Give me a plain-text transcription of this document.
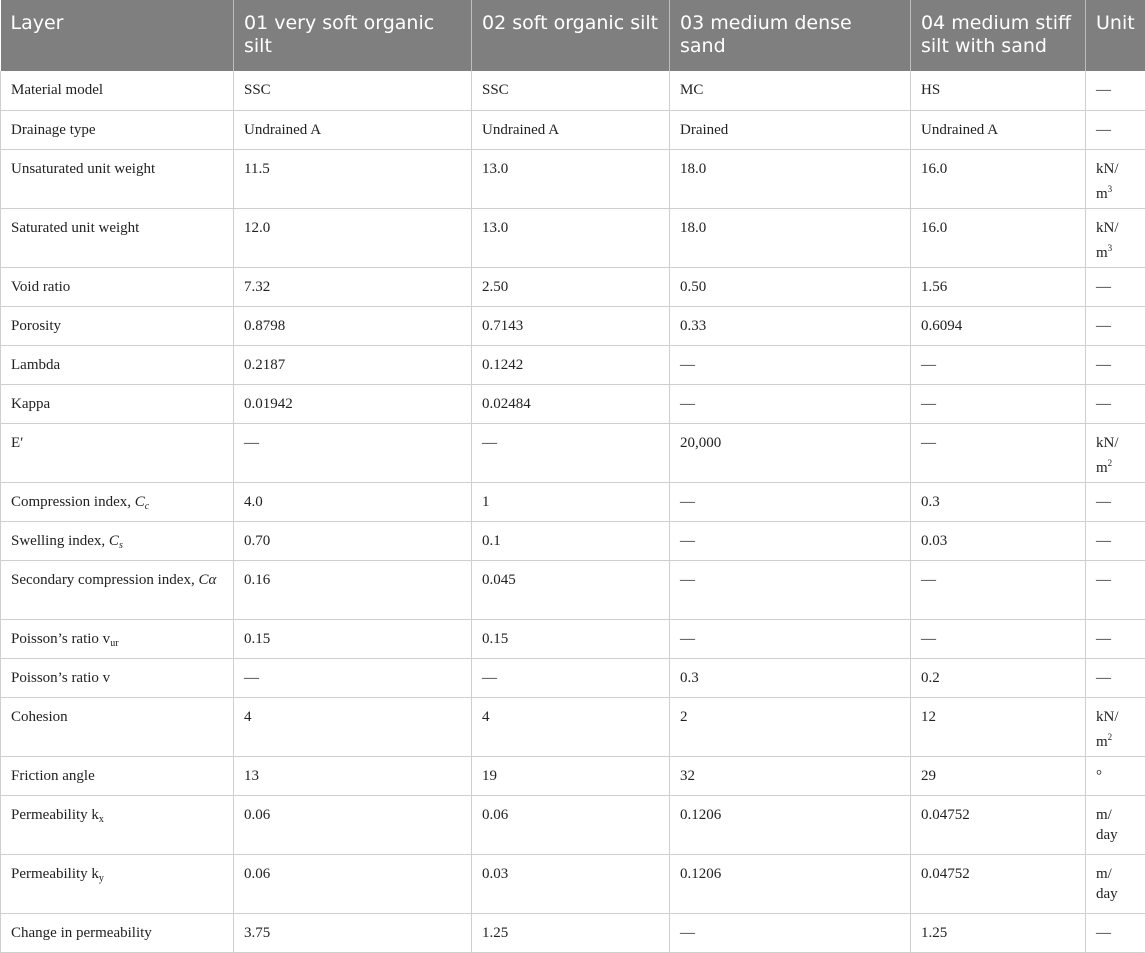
Layer	01 very soft organic silt	02 soft organic silt	03 medium dense sand	04 medium stiff silt with sand	Unit
Material model	SSC	SSC	MC	HS	—
Drainage type	Undrained A	Undrained A	Drained	Undrained A	—
Unsaturated unit weight	11.5	13.0	18.0	16.0	kN/
$m^3$
Saturated unit weight	12.0	13.0	18.0	16.0	kN/
$m^3$
Void ratio	7.32	2.50	0.50	1.56	—
Porosity	0.8798	0.7143	0.33	0.6094	—
Lambda	0.2187	0.1242	—	—	—
Kappa	0.01942	0.02484	—	—	—
E′	—	—	20,000	—	kN/
$m^2$
Compression index, $C_c$	4.0	1	—	0.3	—
Swelling index, $C_s$	0.70	0.1	—	0.03	—
Secondary compression index, Cα	0.16	0.045	—	—	—
Poisson’s ratio $v_{ur}$	0.15	0.15	—	—	—
Poisson’s ratio v	—	—	0.3	0.2	—
Cohesion	4	4	2	12	kN/
$m^2$
Friction angle	13	19	32	29	°
Permeability $k_x$	0.06	0.06	0.1206	0.04752	m/
day
Permeability $k_y$	0.06	0.03	0.1206	0.04752	m/
day
Change in permeability	3.75	1.25	—	1.25	—
